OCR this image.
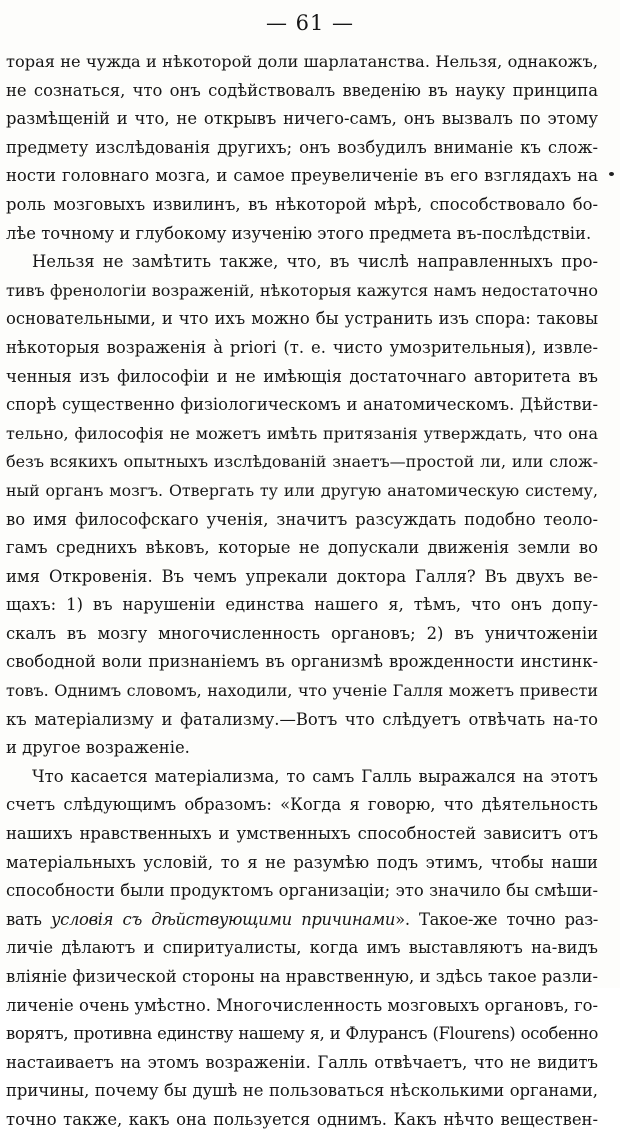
— 61 —
торая не чужда и нѣкоторой доли шарлатанства. Нельзя, однакожъ,
не сознаться, что онъ содѣйствовалъ введенiю въ науку принципа
размѣщенiй и что, не открывъ ничего-самъ, онъ вызвалъ по этому
предмету изслѣдованiя другихъ; онъ возбудилъ вниманiе къ слож-
ности головнаго мозга, и самое преувеличенiе въ его взглядахъ на
роль мозговыхъ извилинъ, въ нѣкоторой мѣрѣ, способствовало бо-
лѣе точному и глубокому изученiю этого предмета въ-послѣдствiи.
Нельзя не замѣтить также, что, въ числѣ направленныхъ про-
тивъ френологiи возраженiй, нѣкоторыя кажутся намъ недостаточно
основательными, и что ихъ можно бы устранить изъ спора: таковы
нѣкоторыя возраженiя à priori (т. е. чисто умозрительныя), извле-
ченныя изъ философiи и не имѣющiя достаточнаго авторитета въ
спорѣ существенно физiологическомъ и анатомическомъ. Дѣйстви-
тельно, философiя не можетъ имѣть притязанiя утверждать, что она
безъ всякихъ опытныхъ изслѣдованiй знаетъ—простой ли, или слож-
ный органъ мозгъ. Отвергать ту или другую анатомическую систему,
во имя философскаго ученiя, значитъ разсуждать подобно теоло-
гамъ среднихъ вѣковъ, которые не допускали движенiя земли во
имя Откровенiя. Въ чемъ упрекали доктора Галля? Въ двухъ ве-
щахъ: 1) въ нарушенiи единства нашего я, тѣмъ, что онъ допу-
скалъ въ мозгу многочисленность органовъ; 2) въ уничтоженiи
свободной воли признанiемъ въ организмѣ врожденности инстинк-
товъ. Однимъ словомъ, находили, что ученiе Галля можетъ привести
къ матерiализму и фатализму.—Вотъ что слѣдуетъ отвѣчать на-то
и другое возраженiе.
Что касается матерiализма, то самъ Галль выражался на этотъ
счетъ слѣдующимъ образомъ: «Когда я говорю, что дѣятельность
нашихъ нравственныхъ и умственныхъ способностей зависитъ отъ
матерiальныхъ условiй, то я не разумѣю подъ этимъ, чтобы наши
способности были продуктомъ организацiи; это значило бы смѣши-
вать условiя съ дѣйствующими причинами». Такое-же точно раз-
личiе дѣлаютъ и спиритуалисты, когда имъ выставляютъ на-видъ
влiянiе физической стороны на нравственную, и здѣсь такое разли-
личенiе очень умѣстно. Многочисленность мозговыхъ органовъ, го-
ворятъ, противна единству нашему я, и Флурансъ (Flourens) особенно
настаиваетъ на этомъ возраженiи. Галль отвѣчаетъ, что не видитъ
причины, почему бы душѣ не пользоваться нѣсколькими органами,
точно также, какъ она пользуется однимъ. Какъ нѣчто веществен-
